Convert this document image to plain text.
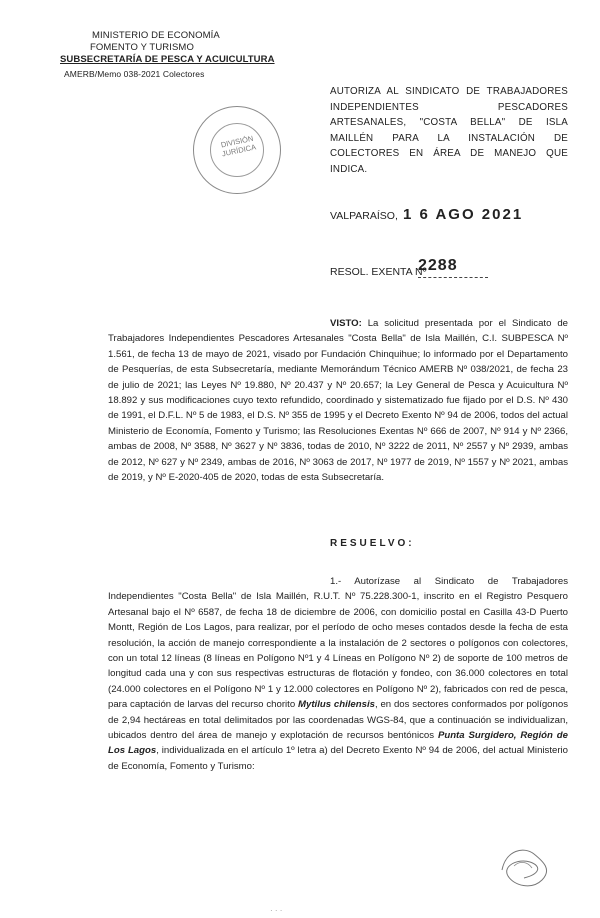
MINISTERIO DE ECONOMÍA
FOMENTO Y TURISMO
SUBSECRETARÍA DE PESCA Y ACUICULTURA
AMERB/Memo 038-2021 Colectores
AUTORIZA AL SINDICATO DE TRABAJADORES INDEPENDIENTES PESCADORES ARTESANALES, "COSTA BELLA" DE ISLA MAILLÉN PARA LA INSTALACIÓN DE COLECTORES EN ÁREA DE MANEJO QUE INDICA.
DIVISIÓN JURÍDICA
VALPARAÍSO, 1 6 AGO 2021
RESOL. EXENTA Nº
2288
VISTO: La solicitud presentada por el Sindicato de Trabajadores Independientes Pescadores Artesanales "Costa Bella" de Isla Maillén, C.I. SUBPESCA Nº 1.561, de fecha 13 de mayo de 2021, visado por Fundación Chinquihue; lo informado por el Departamento de Pesquerías, de esta Subsecretaría, mediante Memorándum Técnico AMERB Nº 038/2021, de fecha 23 de julio de 2021; las Leyes Nº 19.880, Nº 20.437 y Nº 20.657; la Ley General de Pesca y Acuicultura Nº 18.892 y sus modificaciones cuyo texto refundido, coordinado y sistematizado fue fijado por el D.S. Nº 430 de 1991, el D.F.L. Nº 5 de 1983, el D.S. Nº 355 de 1995 y el Decreto Exento Nº 94 de 2006, todos del actual Ministerio de Economía, Fomento y Turismo; las Resoluciones Exentas Nº 666 de 2007, Nº 914 y Nº 2366, ambas de 2008, Nº 3588, Nº 3627 y Nº 3836, todas de 2010, Nº 3222 de 2011, Nº 2557 y Nº 2939, ambas de 2012, Nº 627 y Nº 2349, ambas de 2016, Nº 3063 de 2017, Nº 1977 de 2019, Nº 1557 y Nº 2021, ambas de 2019, y Nº E-2020-405 de 2020, todas de esta Subsecretaría.
RESUELVO:
1.- Autorízase al Sindicato de Trabajadores Independientes "Costa Bella" de Isla Maillén, R.U.T. Nº 75.228.300-1, inscrito en el Registro Pesquero Artesanal bajo el Nº 6587, de fecha 18 de diciembre de 2006, con domicilio postal en Casilla 43-D Puerto Montt, Región de Los Lagos, para realizar, por el período de ocho meses contados desde la fecha de esta resolución, la acción de manejo correspondiente a la instalación de 2 sectores o polígonos con colectores, con un total 12 líneas (8 líneas en Polígono Nº1 y 4 Líneas en Polígono Nº 2) de soporte de 100 metros de longitud cada una y con sus respectivas estructuras de flotación y fondeo, con 36.000 colectores en total (24.000 colectores en el Polígono Nº 1 y 12.000 colectores en Polígono Nº 2), fabricados con red de pesca, para captación de larvas del recurso chorito Mytilus chilensis, en dos sectores conformados por polígonos de 2,94 hectáreas en total delimitados por las coordenadas WGS-84, que a continuación se individualizan, ubicados dentro del área de manejo y explotación de recursos bentónicos Punta Surgidero, Región de Los Lagos, individualizada en el artículo 1º letra a) del Decreto Exento Nº 94 de 2006, del actual Ministerio de Economía, Fomento y Turismo:
· · ·
